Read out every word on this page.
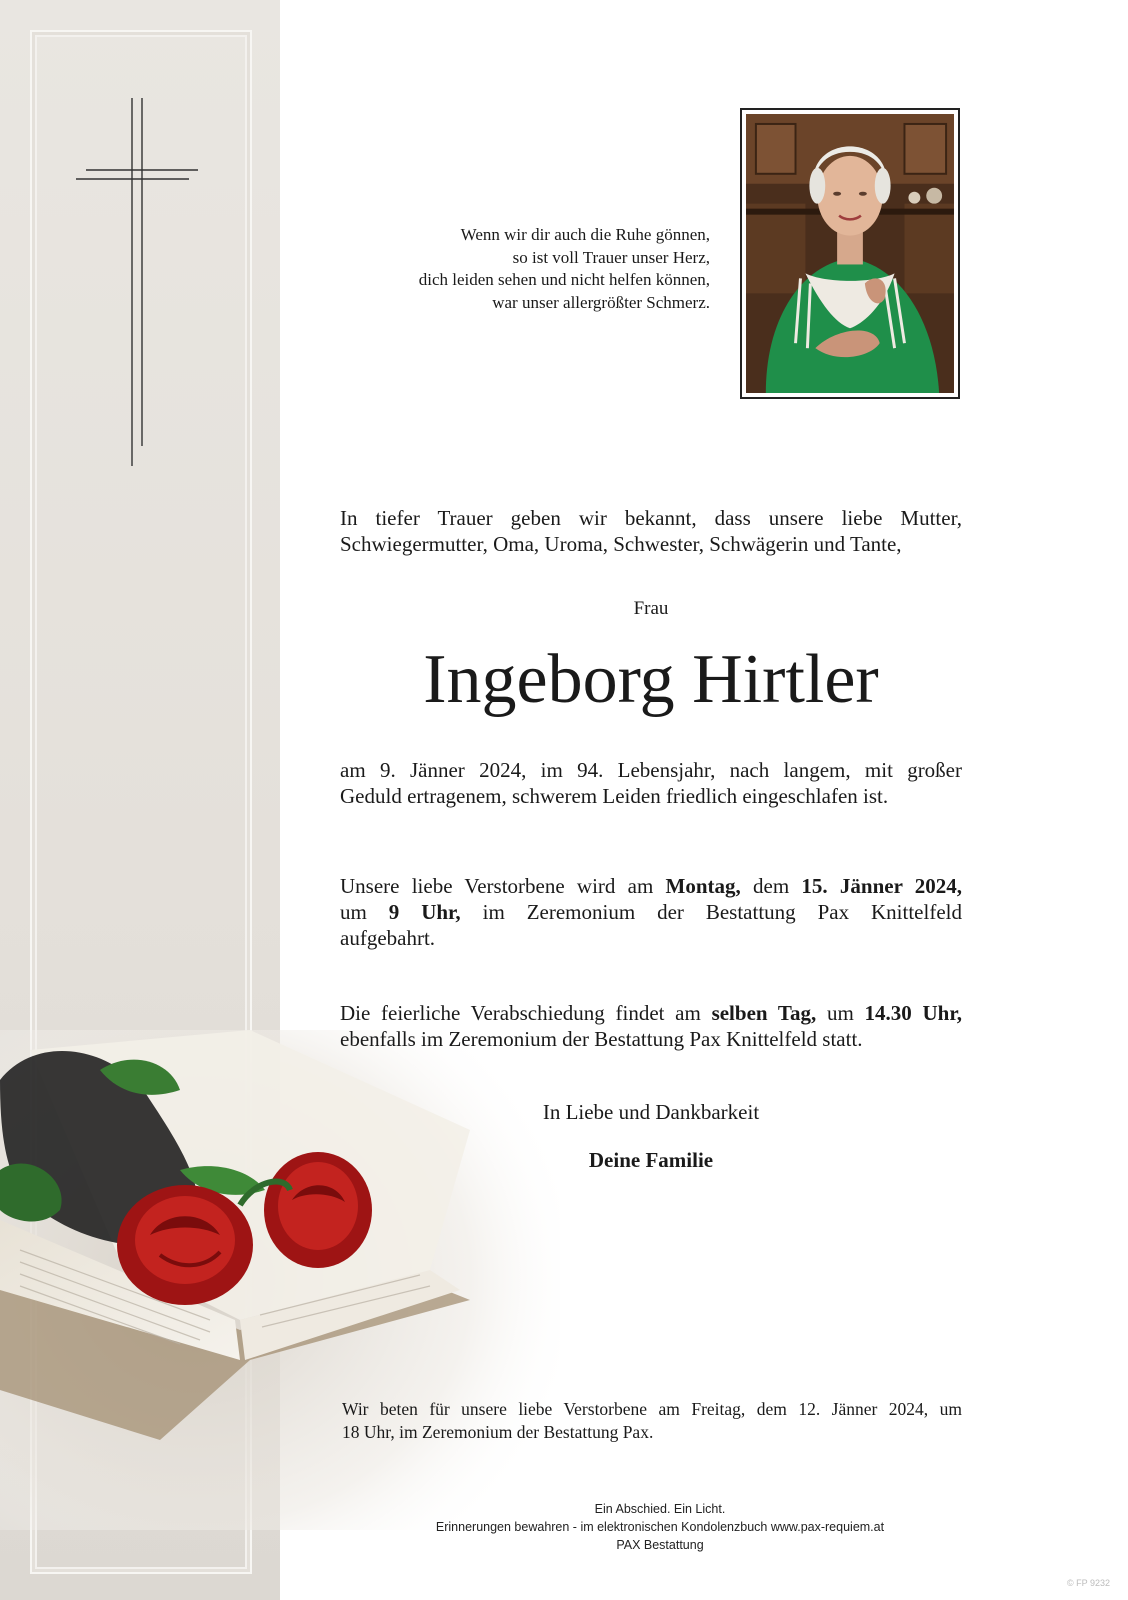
Wenn wir dir auch die Ruhe gönnen,
so ist voll Trauer unser Herz,
dich leiden sehen und nicht helfen können,
war unser allergrößter Schmerz.

In tiefer Trauer geben wir bekannt, dass unsere liebe Mutter,

Schwiegermutter, Oma, Uroma, Schwester, Schwägerin und Tante,

Frau
Ingeborg Hirtler

am 9. Jänner 2024, im 94. Lebensjahr, nach langem, mit großer

Geduld ertragenem, schwerem Leiden friedlich eingeschlafen ist.

Unsere liebe Verstorbene wird am Montag, dem 15. Jänner 2024,

um 9 Uhr, im Zeremonium der Bestattung Pax Knittelfeld

aufgebahrt.

Die feierliche Verabschiedung findet am selben Tag, um 14.30 Uhr,

ebenfalls im Zeremonium der Bestattung Pax Knittelfeld statt.

In Liebe und Dankbarkeit
Deine Familie
Wir beten für unsere liebe Verstorbene am Freitag, dem 12. Jänner 2024, um
18 Uhr, im Zeremonium der Bestattung Pax.
Ein Abschied. Ein Licht.
Erinnerungen bewahren - im elektronischen Kondolenzbuch www.pax-requiem.at
PAX Bestattung
© FP 9232
